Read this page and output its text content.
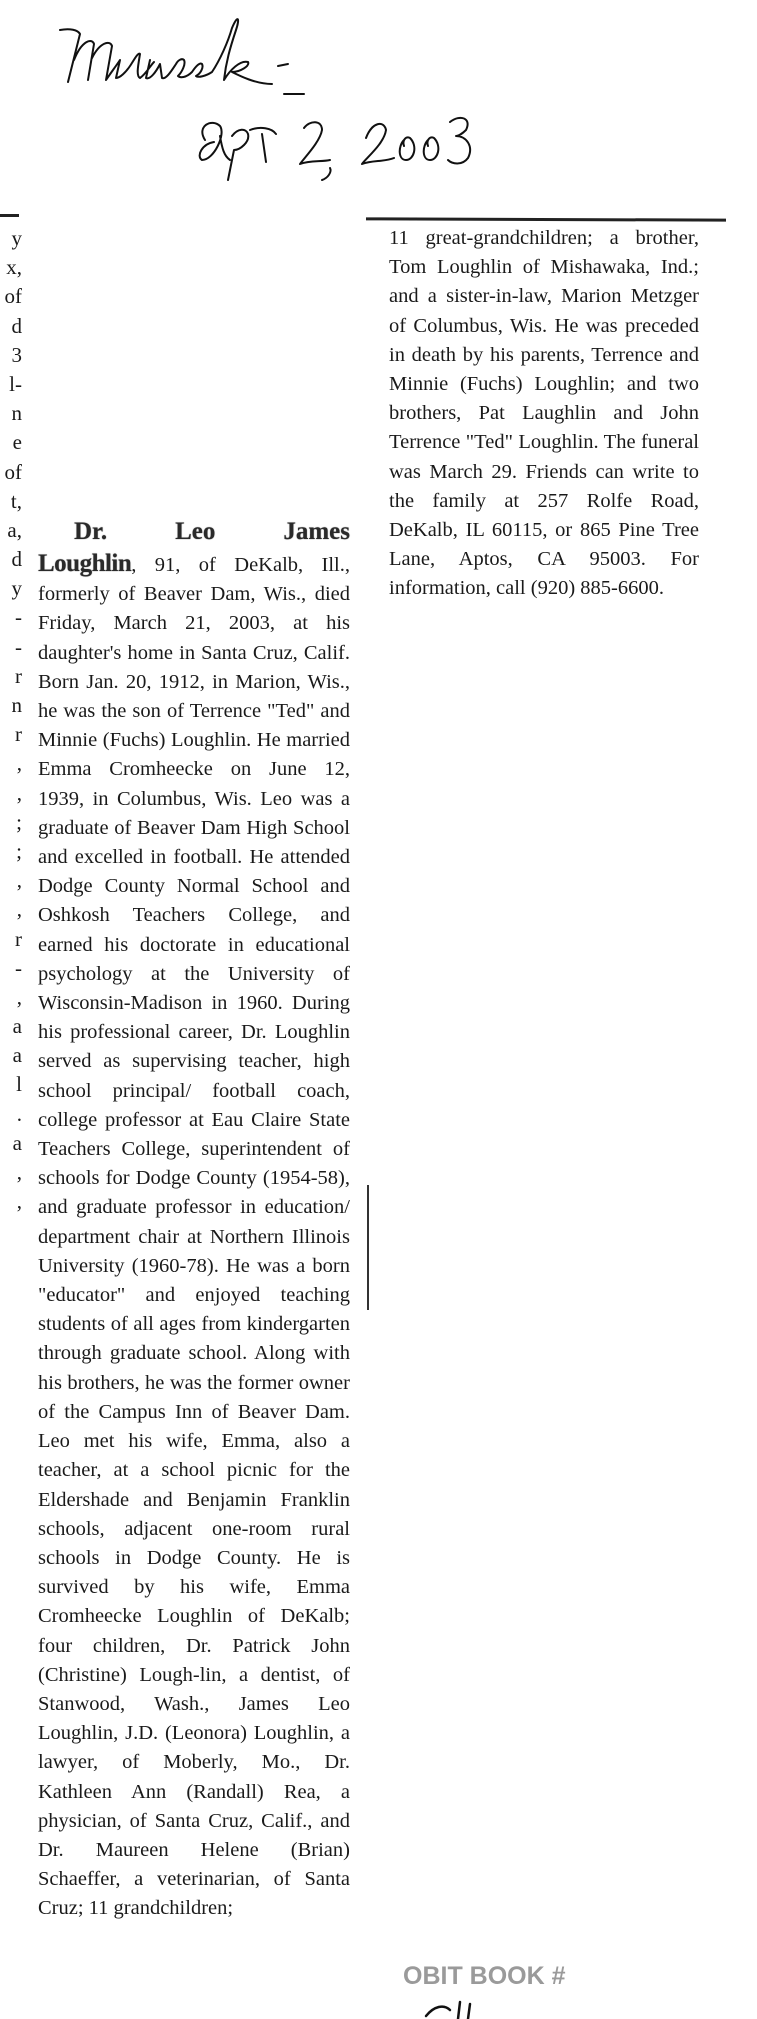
y
x,
of
d
3
l-
n
e
of
t,
a,
d
y
-
-
r
n
r
,
,
;
;
,
,
r
-
,
a
a
l
.
a
,
,
Dr.	Leo	James

Loughlin, 91, of DeKalb, Ill., formerly of Beaver Dam, Wis., died Friday, March 21, 2003, at his daughter's home in Santa Cruz, Calif. Born Jan. 20, 1912, in Marion, Wis., he was the son of Terrence "Ted" and Minnie (Fuchs) Loughlin. He married Emma Cromheecke on June 12, 1939, in Columbus, Wis. Leo was a graduate of Beaver Dam High School and excelled in football. He attended Dodge County Normal School and Oshkosh Teachers College, and earned his doctorate in educational psychology at the University of Wisconsin-Madison in 1960. During his professional career, Dr. Loughlin served as supervising teacher, high school principal/ football coach, college professor at Eau Claire State Teachers College, superintendent of schools for Dodge County (1954-58), and graduate professor in education/ department chair at Northern Illinois University (1960-78). He was a born "educator" and enjoyed teaching students of all ages from kindergarten through graduate school. Along with his brothers, he was the former owner of the Campus Inn of Beaver Dam. Leo met his wife, Emma, also a teacher, at a school picnic for the Eldershade and Benjamin Franklin schools, adjacent one-room rural schools in Dodge County. He is survived by his wife, Emma Cromheecke Loughlin of DeKalb; four children, Dr. Patrick John (Christine) Lough-lin, a dentist, of Stanwood, Wash., James Leo Loughlin, J.D. (Leonora) Loughlin, a lawyer, of Moberly, Mo., Dr. Kathleen Ann (Randall) Rea, a physician, of Santa Cruz, Calif., and Dr. Maureen Helene (Brian) Schaeffer, a veterinarian, of Santa Cruz; 11 grandchildren;

11 great-grandchildren; a brother, Tom Loughlin of Mishawaka, Ind.; and a sister-in-law, Marion Metzger of Columbus, Wis. He was preceded in death by his parents, Terrence and Minnie (Fuchs) Loughlin; and two brothers, Pat Laughlin and John Terrence "Ted" Loughlin. The funeral was March 29. Friends can write to the family at 257 Rolfe Road, DeKalb, IL 60115, or 865 Pine Tree Lane, Aptos, CA 95003. For information, call (920) 885-6600.

OBIT BOOK #
